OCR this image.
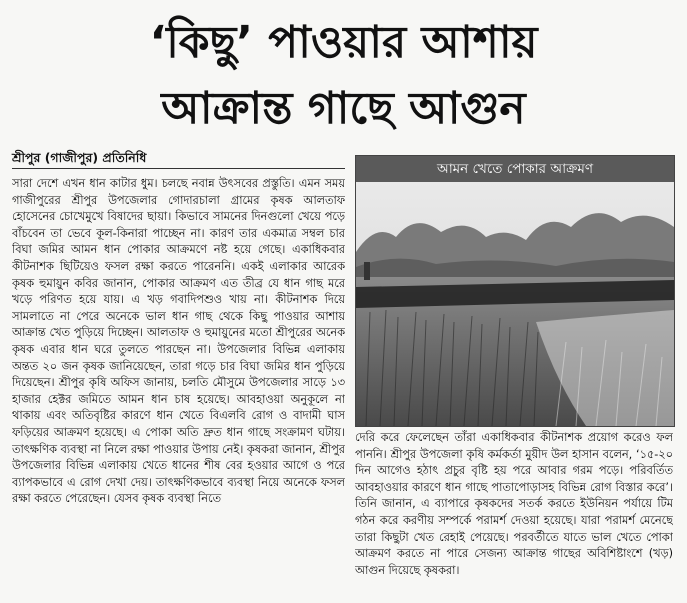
‘কিছু’ পাওয়ার আশায়
আক্রান্ত গাছে আগুন
শ্রীপুর (গাজীপুর) প্রতিনিধি

সারা দেশে এখন ধান কাটার ধুম। চলছে নবান্ন উৎসবের প্রস্তুতি। এমন সময় গাজীপুরের শ্রীপুর উপজেলার গোদারচালা গ্রামের কৃষক আলতাফ হোসেনের চোখেমুখে বিষাদের ছায়া। কিভাবে সামনের দিনগুলো খেয়ে পড়ে বাঁচবেন তা ভেবে কূল-কিনারা পাচ্ছেন না। কারণ তার একমাত্র সম্বল চার বিঘা জমির আমন ধান পোকার আক্রমণে নষ্ট হয়ে গেছে। একাধিকবার কীটনাশক ছিটিয়েও ফসল রক্ষা করতে পারেননি। একই এলাকার আরেক কৃষক হুমায়ুন কবির জানান, পোকার আক্রমণ এত তীব্র যে ধান গাছ মরে খড়ে পরিণত হয়ে যায়। এ খড় গবাদিপশুও খায় না। কীটনাশক দিয়ে সামলাতে না পেরে অনেকে ভাল ধান গাছ থেকে কিছু পাওয়ার আশায় আক্রান্ত খেত পুড়িয়ে দিচ্ছেন। আলতাফ ও হুমায়ুনের মতো শ্রীপুরের অনেক কৃষক এবার ধান ঘরে তুলতে পারছেন না। উপজেলার বিভিন্ন এলাকায় অন্তত ২০ জন কৃষক জানিয়েছেন, তারা গড়ে চার বিঘা জমির ধান পুড়িয়ে দিয়েছেন। শ্রীপুর কৃষি অফিস জানায়, চলতি মৌসুমে উপজেলার সাড়ে ১৩ হাজার হেক্টর জমিতে আমন ধান চাষ হয়েছে। আবহাওয়া অনুকূলে না থাকায় এবং অতিবৃষ্টির কারণে ধান খেতে বিএলবি রোগ ও বাদামী ঘাস ফড়িয়ের আক্রমণ হয়েছে। এ পোকা অতি দ্রুত ধান গাছে সংক্রামণ ঘটায়। তাৎক্ষণিক ব্যবস্থা না নিলে রক্ষা পাওয়ার উপায় নেই। কৃষকরা জানান, শ্রীপুর উপজেলার বিভিন্ন এলাকায় খেতে ধানের শীষ বের হওয়ার আগে ও পরে ব্যাপকভাবে এ রোগ দেখা দেয়। তাৎক্ষণিকভাবে ব্যবস্থা নিয়ে অনেকে ফসল রক্ষা করতে পেরেছেন। যেসব কৃষক ব্যবস্থা নিতে

আমন খেতে পোকার আক্রমণ

দেরি করে ফেলেছেন তাঁরা একাধিকবার কীটনাশক প্রয়োগ করেও ফল পাননি। শ্রীপুর উপজেলা কৃষি কর্মকর্তা মুয়ীদ উল হাসান বলেন, ‘১৫-২০ দিন আগেও হঠাৎ প্রচুর বৃষ্টি হয় পরে আবার গরম পড়ে। পরিবর্তিত আবহাওয়ার কারণে ধান গাছে পাতাপোড়াসহ বিভিন্ন রোগ বিস্তার করে’। তিনি জানান, এ ব্যাপারে কৃষকদের সতর্ক করতে ইউনিয়ন পর্যায়ে টিম গঠন করে করণীয় সম্পর্কে পরামর্শ দেওয়া হয়েছে। যারা পরামর্শ মেনেছে তারা কিছুটা খেত রেহাই পেয়েছে। পরবর্তীতে যাতে ভাল খেতে পোকা আক্রমণ করতে না পারে সেজন্য আক্রান্ত গাছের অবিশিষ্টাংশে (খড়) আগুন দিয়েছে কৃষকরা।
